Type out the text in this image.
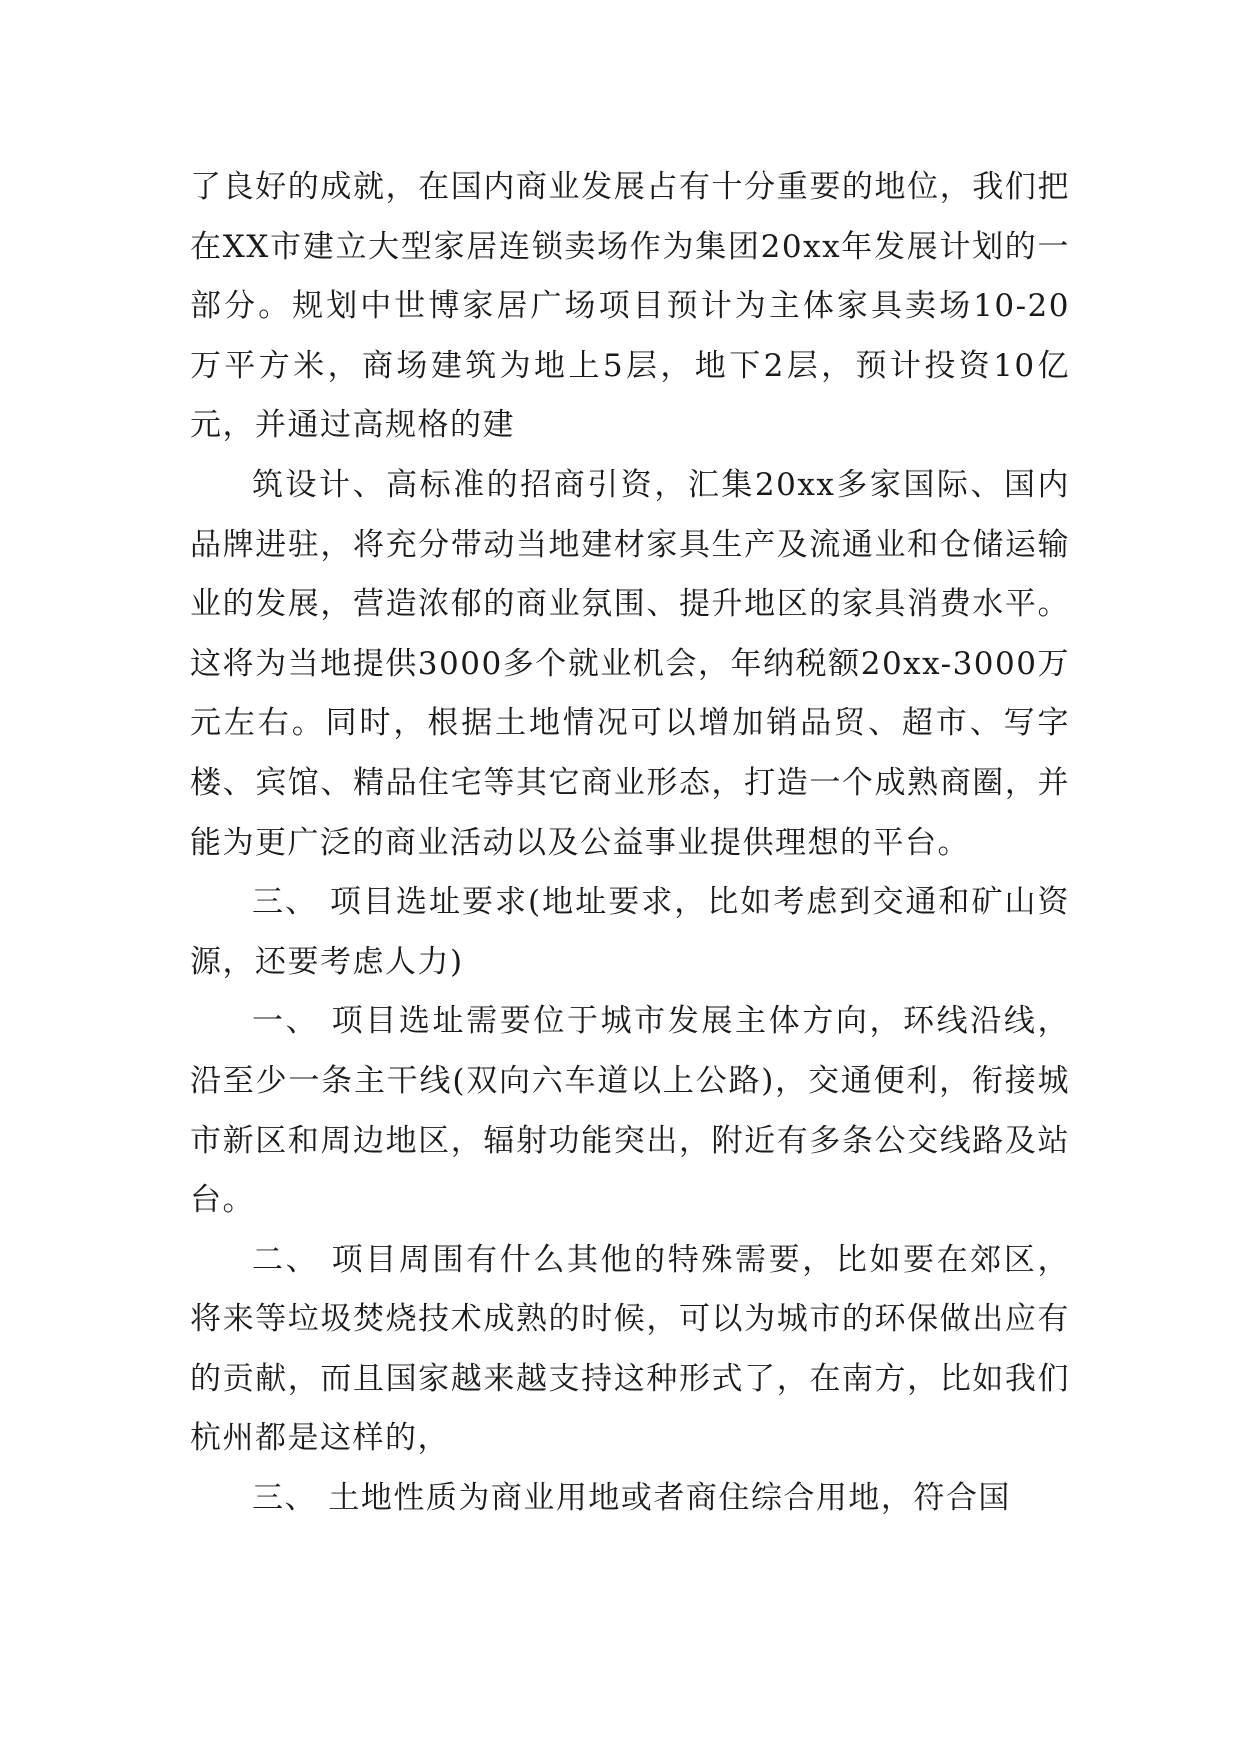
了良好的成就，在国内商业发展占有十分重要的地位，我们把在XX市建立大型家居连锁卖场作为集团20xx年发展计划的一部分。规划中世博家居广场项目预计为主体家具卖场10-20 万平方米，商场建筑为地上5层，地下2层，预计投资10亿元，并通过高规格的建

筑设计、高标准的招商引资，汇集20xx多家国际、国内品牌进驻，将充分带动当地建材家具生产及流通业和仓储运输业的发展，营造浓郁的商业氛围、提升地区的家具消费水平。这将为当地提供3000多个就业机会，年纳税额20xx-3000万元左右。同时，根据土地情况可以增加销品贸、超市、写字楼、宾馆、精品住宅等其它商业形态，打造一个成熟商圈，并能为更广泛的商业活动以及公益事业提供理想的平台。

三、 项目选址要求(地址要求，比如考虑到交通和矿山资源，还要考虑人力)

一、 项目选址需要位于城市发展主体方向，环线沿线，沿至少一条主干线(双向六车道以上公路)，交通便利，衔接城市新区和周边地区，辐射功能突出，附近有多条公交线路及站台。

二、 项目周围有什么其他的特殊需要，比如要在郊区，将来等垃圾焚烧技术成熟的时候，可以为城市的环保做出应有的贡献，而且国家越来越支持这种形式了，在南方，比如我们杭州都是这样的，

三、 土地性质为商业用地或者商住综合用地，符合国
